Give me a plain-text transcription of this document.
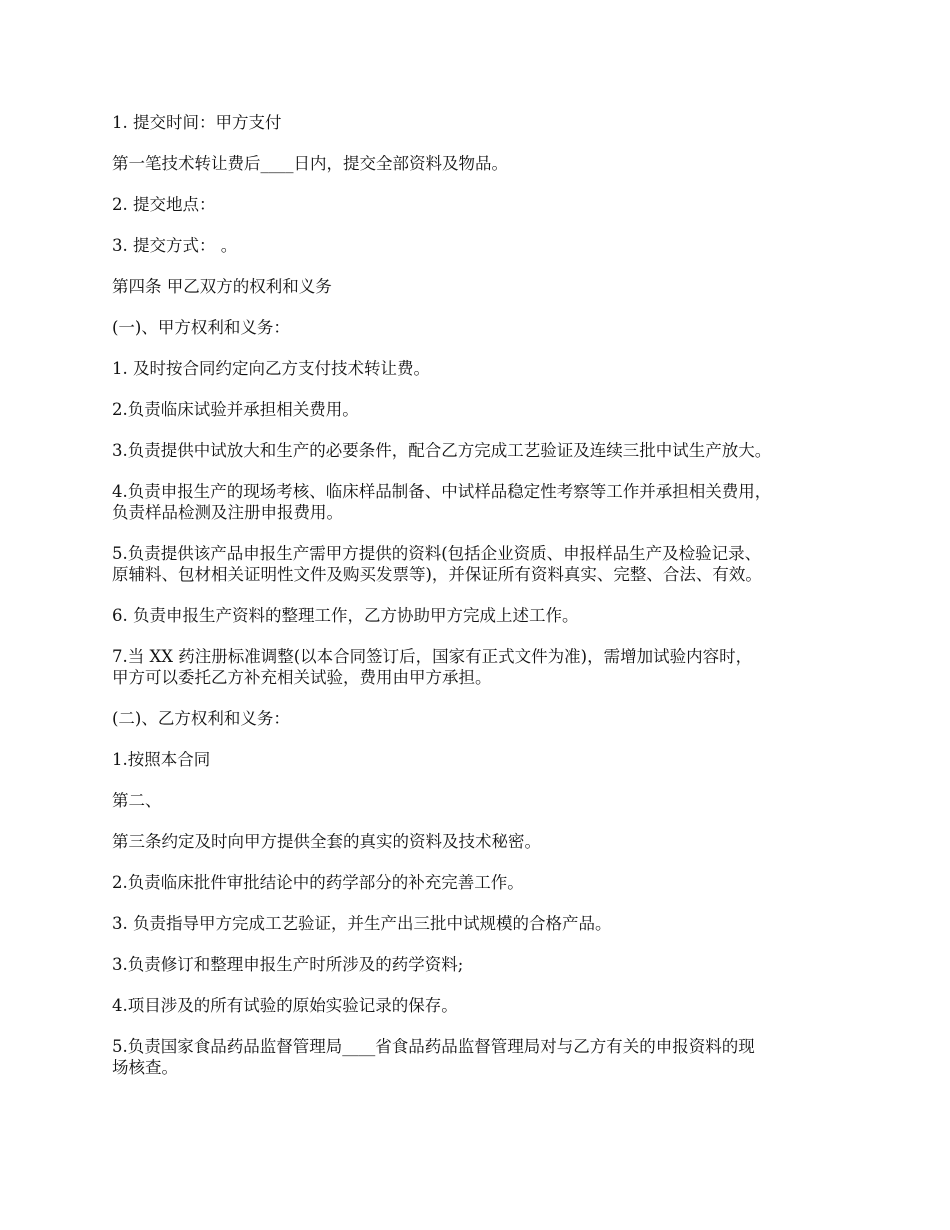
1. 提交时间：甲方支付

第一笔技术转让费后____日内，提交全部资料及物品。

2. 提交地点：

3. 提交方式： 。

第四条 甲乙双方的权利和义务

(一)、甲方权利和义务：

1. 及时按合同约定向乙方支付技术转让费。

2.负责临床试验并承担相关费用。

3.负责提供中试放大和生产的必要条件，配合乙方完成工艺验证及连续三批中试生产放大。

4.负责申报生产的现场考核、临床样品制备、中试样品稳定性考察等工作并承担相关费用，
负责样品检测及注册申报费用。

5.负责提供该产品申报生产需甲方提供的资料(包括企业资质、申报样品生产及检验记录、
原辅料、包材相关证明性文件及购买发票等)，并保证所有资料真实、完整、合法、有效。

6. 负责申报生产资料的整理工作，乙方协助甲方完成上述工作。

7.当 XX 药注册标准调整(以本合同签订后，国家有正式文件为准)，需增加试验内容时，
甲方可以委托乙方补充相关试验，费用由甲方承担。

(二)、乙方权利和义务：

1.按照本合同

第二、

第三条约定及时向甲方提供全套的真实的资料及技术秘密。

2.负责临床批件审批结论中的药学部分的补充完善工作。

3. 负责指导甲方完成工艺验证，并生产出三批中试规模的合格产品。

3.负责修订和整理申报生产时所涉及的药学资料;

4.项目涉及的所有试验的原始实验记录的保存。

5.负责国家食品药品监督管理局____省食品药品监督管理局对与乙方有关的申报资料的现
场核查。
